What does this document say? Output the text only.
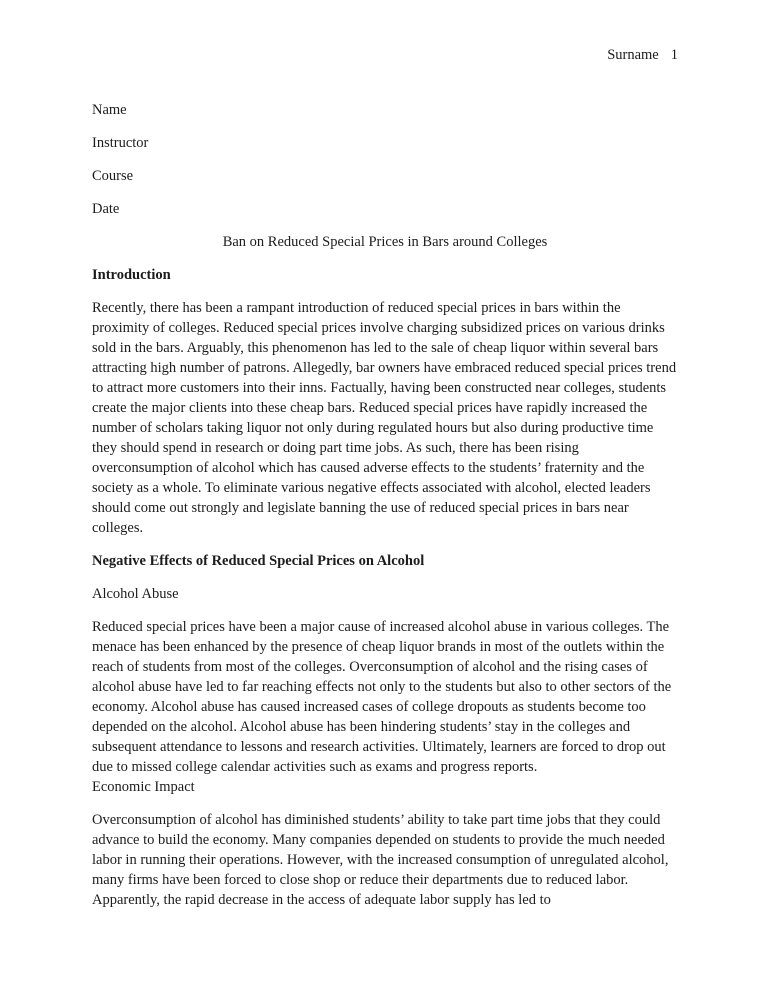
Surname 1
Name
Instructor
Course
Date
Ban on Reduced Special Prices in Bars around Colleges
Introduction

Recently, there has been a rampant introduction of reduced special prices in bars within the proximity of colleges. Reduced special prices involve charging subsidized prices on various drinks sold in the bars. Arguably, this phenomenon has led to the sale of cheap liquor within several bars attracting high number of patrons. Allegedly, bar owners have embraced reduced special prices trend to attract more customers into their inns. Factually, having been constructed near colleges, students create the major clients into these cheap bars. Reduced special prices have rapidly increased the number of scholars taking liquor not only during regulated hours but also during productive time they should spend in research or doing part time jobs. As such, there has been rising overconsumption of alcohol which has caused adverse effects to the students’ fraternity and the society as a whole. To eliminate various negative effects associated with alcohol, elected leaders should come out strongly and legislate banning the use of reduced special prices in bars near colleges.

Negative Effects of Reduced Special Prices on Alcohol
Alcohol Abuse

Reduced special prices have been a major cause of increased alcohol abuse in various colleges. The menace has been enhanced by the presence of cheap liquor brands in most of the outlets within the reach of students from most of the colleges. Overconsumption of alcohol and the rising cases of alcohol abuse have led to far reaching effects not only to the students but also to other sectors of the economy. Alcohol abuse has caused increased cases of college dropouts as students become too depended on the alcohol. Alcohol abuse has been hindering students’ stay in the colleges and subsequent attendance to lessons and research activities. Ultimately, learners are forced to drop out due to missed college calendar activities such as exams and progress reports.

Economic Impact

Overconsumption of alcohol has diminished students’ ability to take part time jobs that they could advance to build the economy. Many companies depended on students to provide the much needed labor in running their operations. However, with the increased consumption of unregulated alcohol, many firms have been forced to close shop or reduce their departments due to reduced labor. Apparently, the rapid decrease in the access of adequate labor supply has led to
